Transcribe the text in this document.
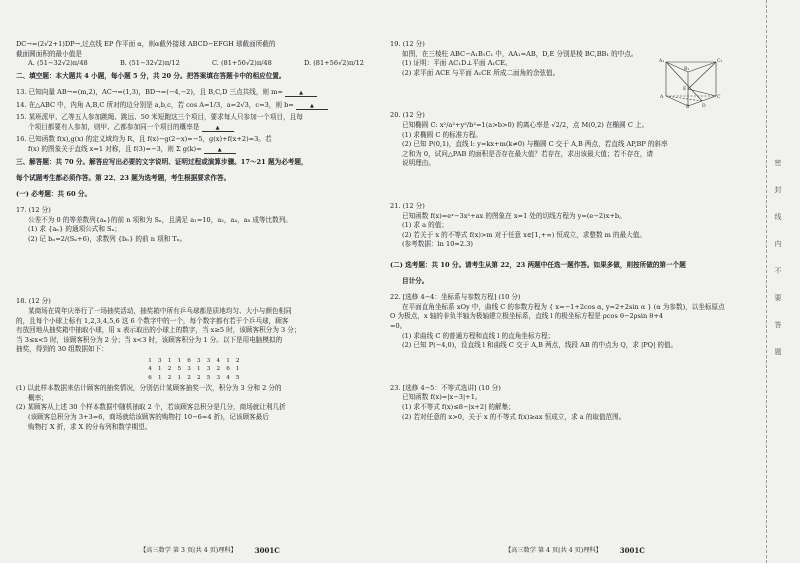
DC→=(2√2+1)DP→,过点线 EP 作平面 α，则α截外接球 ABCD−EFGH 球截面所截的

截面圆面积的最小值是

A. (51−32√2)π/48	B. (51−32√2)π/12	C. (81+56√2)π/48	D. (81+56√2)π/12

二、填空题：本大题共 4 小题，每小题 5 分，共 20 分。把答案填在答题卡中的相应位置。

13. 已知向量 AB→=(m,2)，AC→=(1,3)，BD→=(−4,−2)，且 B,C,D 三点共线，则 m=	▲

14. 在△ABC 中，内角 A,B,C 所对的边分别是 a,b,c，若 cos A=1/3，a=2√3，c=3，则 b=	▲

15. 某班派甲、乙等五人参加跳绳、跳远、50 米短跑这三个项目，要求每人只参加一个项目，且每

个项目都要有人参加，则甲、乙都参加同一个项目的概率是	▲

16. 已知函数 f(x),g(x) 的定义域均为 R，且 f(x)−g(2−x)=−5，g(x)+f(x+2)=3。若

f(x) 的图象关于直线 x=1 对称，且 f(3)=−3，则 Σ g(k)=	▲

三、解答题：共 70 分。解答应写出必要的文字说明、证明过程或演算步骤。17～21 题为必考题，

每个试题考生都必须作答。第 22、23 题为选考题，考生根据要求作答。

(一) 必考题：共 60 分。

17. (12 分)

公差不为 0 的等差数列{aₙ}的前 n 项和为 Sₙ，且满足 a₁=10，a₂，a₄，a₈ 成等比数列。

(1) 求 {aₙ} 的通项公式和 Sₙ；

(2) 记 bₙ=2/(Sₙ+6)，求数列 {bₙ} 的前 n 项和 Tₙ。

18. (12 分)

某商场在周年庆举行了一场抽奖活动，抽奖箱中所有乒乓球都是质地均匀、大小与颜色相同

的，且每个小球上标有 1,2,3,4,5,6 这 6 个数字中的一个，每个数字都有若干个乒乓球，顾客

有放回地从抽奖箱中抽取小球，用 x 表示取出的小球上的数字，当 x≥5 时，该顾客积分为 3 分；

当 3≤x<5 时，该顾客积分为 2 分；当 x<3 时，该顾客积分为 1 分。以下是用电脑模拟的

抽奖，得到的 30 组数据如下：

1 3 1 1 6 3 3 4 1 2
4 1 2 5 3 1 3 2 6 1
6 1 2 1 2 2 5 3 4 5

(1) 以此样本数据来估计顾客的抽奖情况，分别估计某顾客抽奖一次，积分为 3 分和 2 分的

概率；

(2) 某顾客从上述 30 个样本数据中随机抽取 2 个，若该顾客总积分是几分，商场就让利几折

(该顾客总积分为 3+3=6，商场就给该顾客的购物打 10−6=4 折)，记该顾客最后

购物打 X 折，求 X 的分布列和数学期望。

【高三数学 第 3 页(共 4 页)理科】	3001C

19. (12 分)

如图，在三棱柱 ABC−A₁B₁C₁ 中，AA₁=AB，D,E 分别是棱 BC,BB₁ 的中点。

(1) 证明：平面 AC₁D⊥平面 A₁CE。

(2) 求平面 ACE 与平面 A₁CE 所成二面角的余弦值。

A₁
B₁
C₁
A
B
C
D
E

20. (12 分)

已知椭圆 C: x²/a²+y²/b²=1(a>b>0) 的离心率是 √2/2，点 M(0,2) 在椭圆 C 上。

(1) 求椭圆 C 的标准方程。

(2) 已知 P(0,1)，直线 l: y=kx+m(k≠0) 与椭圆 C 交于 A,B 两点，若直线 AP,BP 的斜率

之和为 0，试问△PAB 的面积是否存在最大值？若存在，求出该最大值；若不存在，请

说明理由。

21. (12 分)

已知函数 f(x)=eˣ−3x²+ax 的图象在 x=1 处的切线方程为 y=(e−2)x+b。

(1) 求 a 的值；

(2) 若关于 x 的不等式 f(x)>m 对于任意 x∈[1,+∞) 恒成立，求整数 m 的最大值。

(参考数据：ln 10≈2.3)

(二) 选考题：共 10 分。请考生从第 22，23 两题中任选一题作答。如果多做，则按所做的第一个题

目计分。

22. [选修 4−4：坐标系与参数方程] (10 分)

在平面直角坐标系 xOy 中，曲线 C 的参数方程为 { x=−1+2cos α, y=2+2sin α } (α 为参数)，以坐标原点

O 为极点，x 轴的非负半轴为极轴建立极坐标系，直线 l 的极坐标方程是 ρcos θ−2ρsin θ+4

=0。

(1) 求曲线 C 的普通方程和直线 l 的直角坐标方程；

(2) 已知 P(−4,0)，设直线 l 和曲线 C 交于 A,B 两点，线段 AB 的中点为 Q，求 |PQ| 的值。

23. [选修 4−5：不等式选讲] (10 分)

已知函数 f(x)=|x−3|+1。

(1) 求不等式 f(x)≤8−|x+2| 的解集；

(2) 若对任意的 x>0，关于 x 的不等式 f(x)≥ax 恒成立，求 a 的取值范围。

【高三数学 第 4 页(共 4 页)理科】	3001C
密
封
线
内
不
要
答
题
